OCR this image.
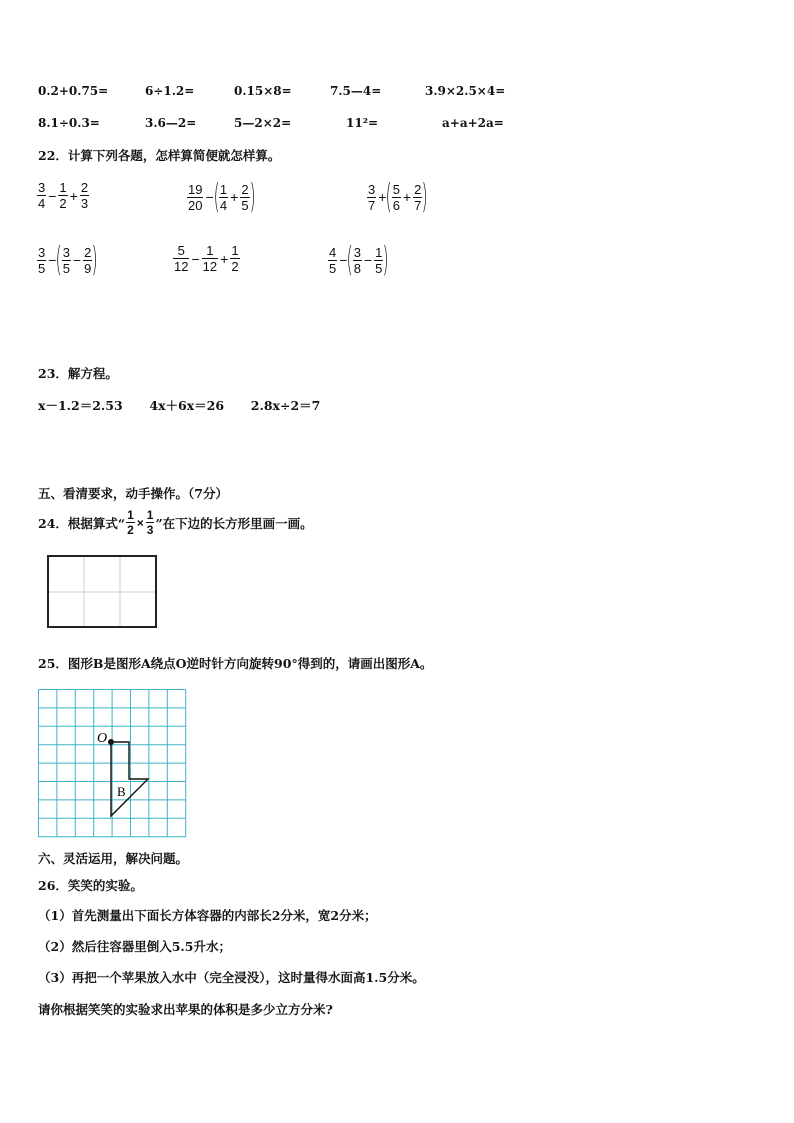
0.2+0.75=	6÷1.2=	0.15×8=	7.5—4=	3.9×2.5×4=
8.1÷0.3=	3.6—2=	5—2×2=	11²=	a+a+2a=
22．计算下列各题，怎样算简便就怎样算。
$\frac{3}{4} - \frac{1}{2} + \frac{2}{3}$	$\frac{19}{20}$ − ( $\frac{1}{4} + \frac{2}{5}$ )	$\frac{3}{7}$ + ( $\frac{5}{6} + \frac{2}{7}$ )
$\frac{3}{5}$ − ( $\frac{3}{5} - \frac{2}{9}$ )	$\frac{5}{12} - \frac{1}{12} + \frac{1}{2}$	$\frac{4}{5}$ − ( $\frac{3}{8} - \frac{1}{5}$ )
23．解方程。
x－1.2＝2.53 4x＋6x＝26 2.8x÷2＝7
五、看清要求，动手操作。（7分）
24．根据算式“ $\frac{1}{2} \times \frac{1}{3}$ ”在下边的长方形里画一画。
25．图形B是图形A绕点O逆时针方向旋转90°得到的，请画出图形A。
O
B
六、灵活运用，解决问题。
26．笑笑的实验。
（1）首先测量出下面长方体容器的内部长2分米，宽2分米；
（2）然后往容器里倒入5.5升水；
（3）再把一个苹果放入水中（完全浸没），这时量得水面高1.5分米。
请你根据笑笑的实验求出苹果的体积是多少立方分米?
